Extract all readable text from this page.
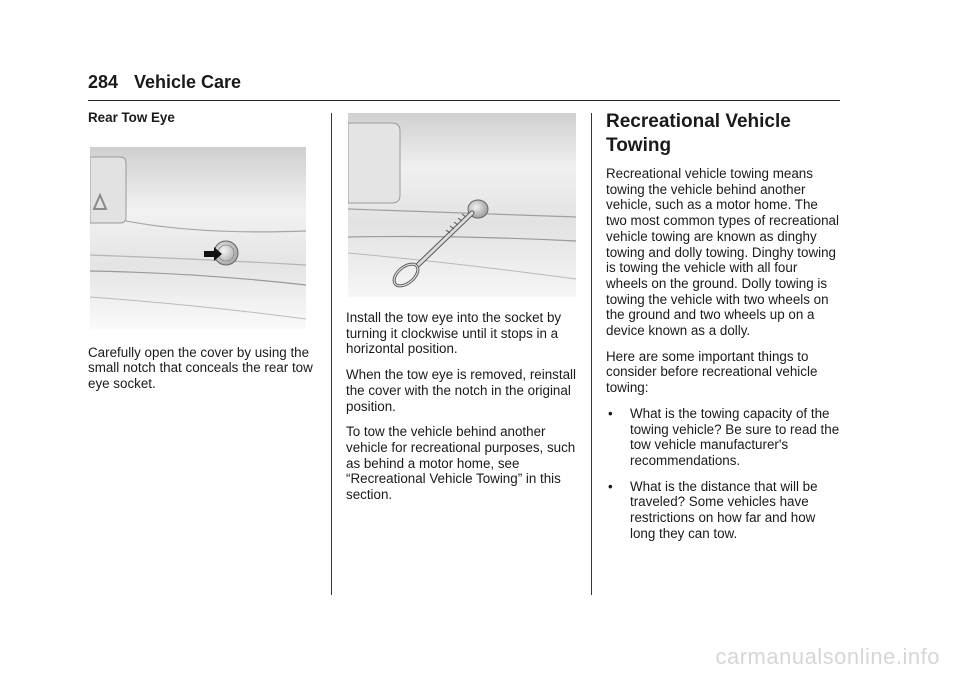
284 Vehicle Care
Rear Tow Eye

Carefully open the cover by using the small notch that conceals the rear tow eye socket.

Install the tow eye into the socket by turning it clockwise until it stops in a horizontal position.

When the tow eye is removed, reinstall the cover with the notch in the original position.

To tow the vehicle behind another vehicle for recreational purposes, such as behind a motor home, see “Recreational Vehicle Towing” in this section.

Recreational Vehicle Towing

Recreational vehicle towing means towing the vehicle behind another vehicle, such as a motor home. The two most common types of recreational vehicle towing are known as dinghy towing and dolly towing. Dinghy towing is towing the vehicle with all four wheels on the ground. Dolly towing is towing the vehicle with two wheels on the ground and two wheels up on a device known as a dolly.

Here are some important things to consider before recreational vehicle towing:

• What is the towing capacity of the towing vehicle? Be sure to read the tow vehicle manufacturer's recommendations.
• What is the distance that will be traveled? Some vehicles have restrictions on how far and how long they can tow.
carmanualsonline.info
